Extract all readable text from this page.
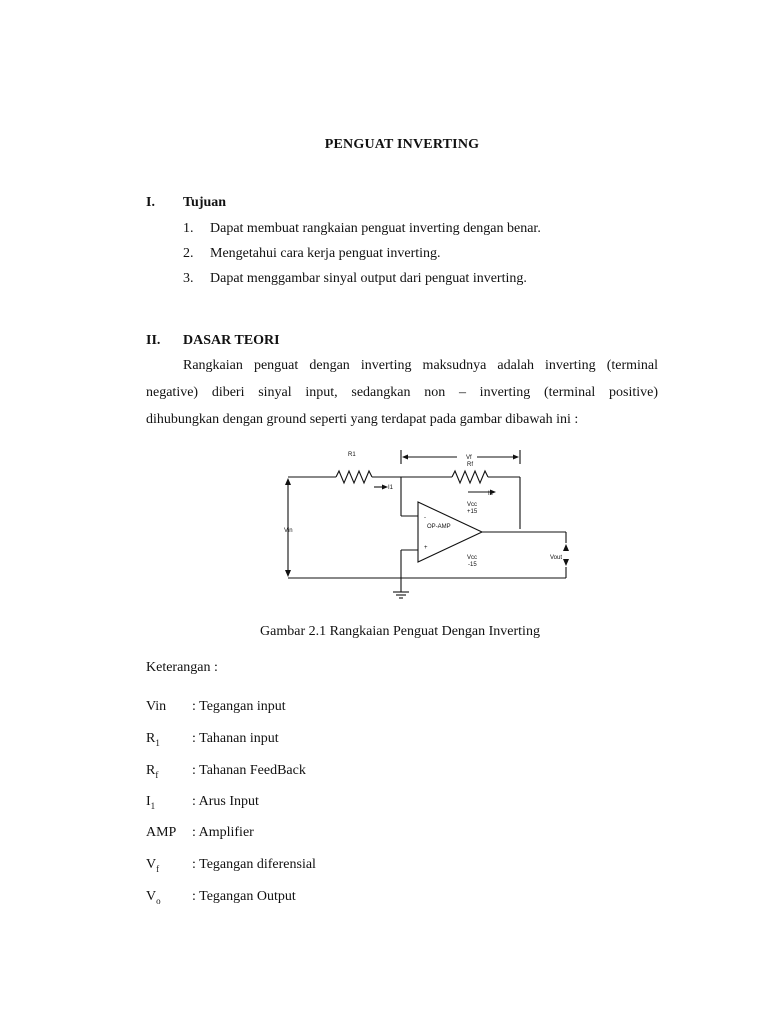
PENGUAT INVERTING
I. Tujuan
1. Dapat membuat rangkaian penguat inverting dengan benar.
2. Mengetahui cara kerja penguat inverting.
3. Dapat menggambar sinyal output dari penguat inverting.
II. DASAR TEORI
Rangkaian penguat dengan inverting maksudnya adalah inverting (terminal
negative) diberi sinyal input, sedangkan non – inverting (terminal positive)
dihubungkan dengan ground seperti yang terdapat pada gambar dibawah ini :
R1	Vf
Rf
I1
I2
Vcc
+15
-
OP-AMP
+
Vcc
-15
Vin
Vout
Gambar 2.1 Rangkaian Penguat Dengan Inverting
Keterangan :
Vin	: Tegangan input
$R_1$	: Tahanan input
$R_f$	: Tahanan FeedBack
$I_1$	: Arus Input
AMP	: Amplifier
$V_f$	: Tegangan diferensial
$V_o$	: Tegangan Output
